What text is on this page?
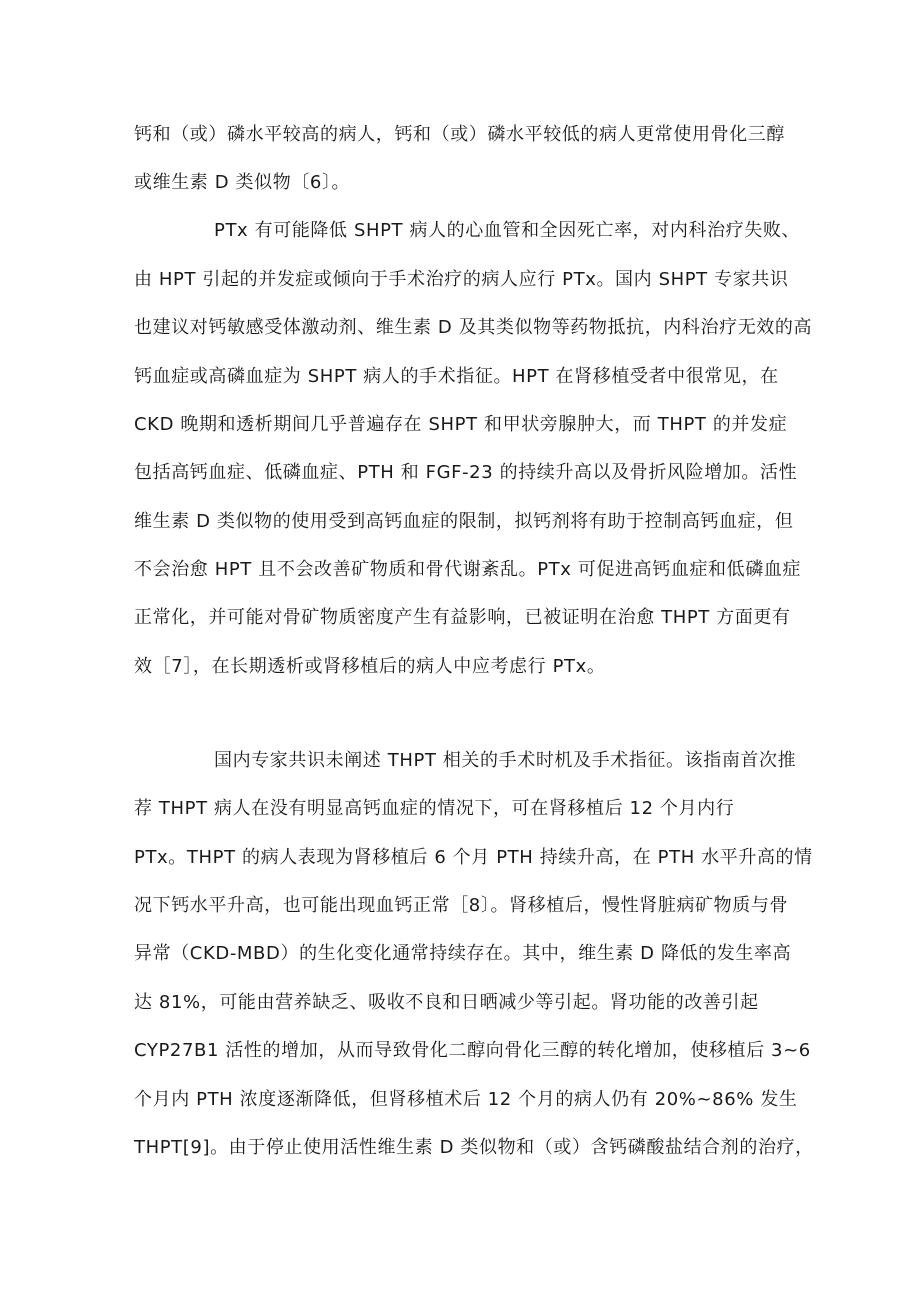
钙和（或）磷水平较高的病人，钙和（或）磷水平较低的病人更常使用骨化三醇
或维生素 D 类似物〔6〕。
PTx 有可能降低 SHPT 病人的心血管和全因死亡率，对内科治疗失败、
由 HPT 引起的并发症或倾向于手术治疗的病人应行 PTx。国内 SHPT 专家共识
也建议对钙敏感受体激动剂、维生素 D 及其类似物等药物抵抗，内科治疗无效的高
钙血症或高磷血症为 SHPT 病人的手术指征。HPT 在肾移植受者中很常见，在
CKD 晚期和透析期间几乎普遍存在 SHPT 和甲状旁腺肿大，而 THPT 的并发症
包括高钙血症、低磷血症、PTH 和 FGF-23 的持续升高以及骨折风险增加。活性
维生素 D 类似物的使用受到高钙血症的限制，拟钙剂将有助于控制高钙血症，但
不会治愈 HPT 且不会改善矿物质和骨代谢紊乱。PTx 可促进高钙血症和低磷血症
正常化，并可能对骨矿物质密度产生有益影响，已被证明在治愈 THPT 方面更有
效［7］，在长期透析或肾移植后的病人中应考虑行 PTx。
国内专家共识未阐述 THPT 相关的手术时机及手术指征。该指南首次推
荐 THPT 病人在没有明显高钙血症的情况下，可在肾移植后 12 个月内行
PTx。THPT 的病人表现为肾移植后 6 个月 PTH 持续升高，在 PTH 水平升高的情
况下钙水平升高，也可能出现血钙正常［8〕。肾移植后，慢性肾脏病矿物质与骨
异常（CKD-MBD）的生化变化通常持续存在。其中，维生素 D 降低的发生率高
达 81%，可能由营养缺乏、吸收不良和日晒减少等引起。肾功能的改善引起
CYP27B1 活性的增加，从而导致骨化二醇向骨化三醇的转化增加，使移植后 3~6
个月内 PTH 浓度逐渐降低，但肾移植术后 12 个月的病人仍有 20%~86% 发生
THPT[9]。由于停止使用活性维生素 D 类似物和（或）含钙磷酸盐结合剂的治疗，
